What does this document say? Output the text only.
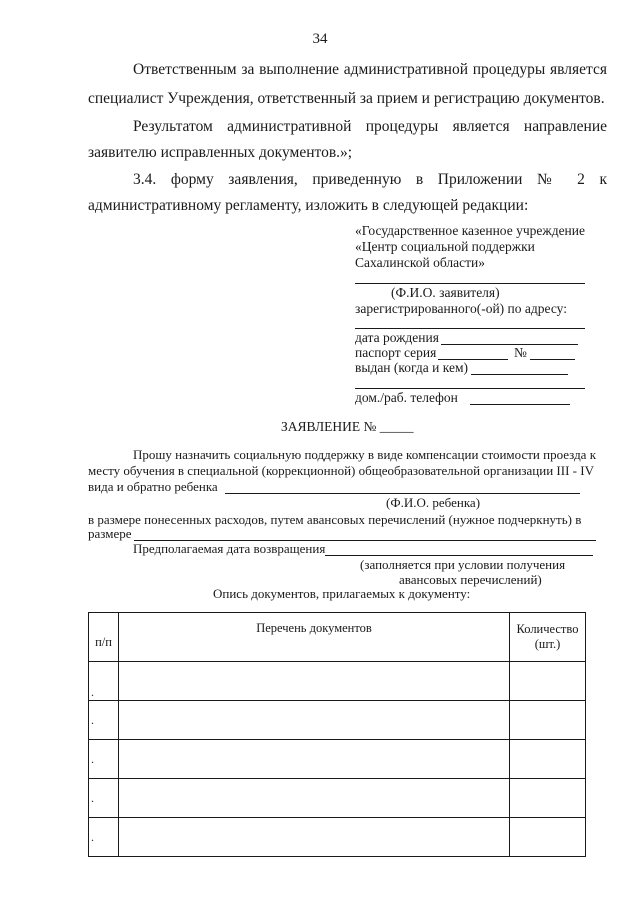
34
Ответственным за выполнение административной процедуры является
специалист Учреждения, ответственный за прием и регистрацию документов.
Результатом административной процедуры является направление
заявителю исправленных документов.»;
3.4. форму заявления, приведенную в Приложении № 2 к
административному регламенту, изложить в следующей редакции:
«Государственное казенное учреждение
«Центр социальной поддержки
Сахалинской области»
(Ф.И.О. заявителя)
зарегистрированного(-ой) по адресу:
дата рождения
паспорт серия	№
выдан (когда и кем)
дом./раб. телефон
ЗАЯВЛЕНИЕ № _____
Прошу назначить социальную поддержку в виде компенсации стоимости проезда к
месту обучения в специальной (коррекционной) общеобразовательной организации III - IV
вида и обратно ребенка
(Ф.И.О. ребенка)
в размере понесенных расходов, путем авансовых перечислений (нужное подчеркнуть) в
размере
Предполагаемая дата возвращения
(заполняется при условии получения
авансовых перечислений)
Опись документов, прилагаемых к документу:
п/п	Перечень документов	Количество (шт.)
.		
.		
.		
.		
.		
